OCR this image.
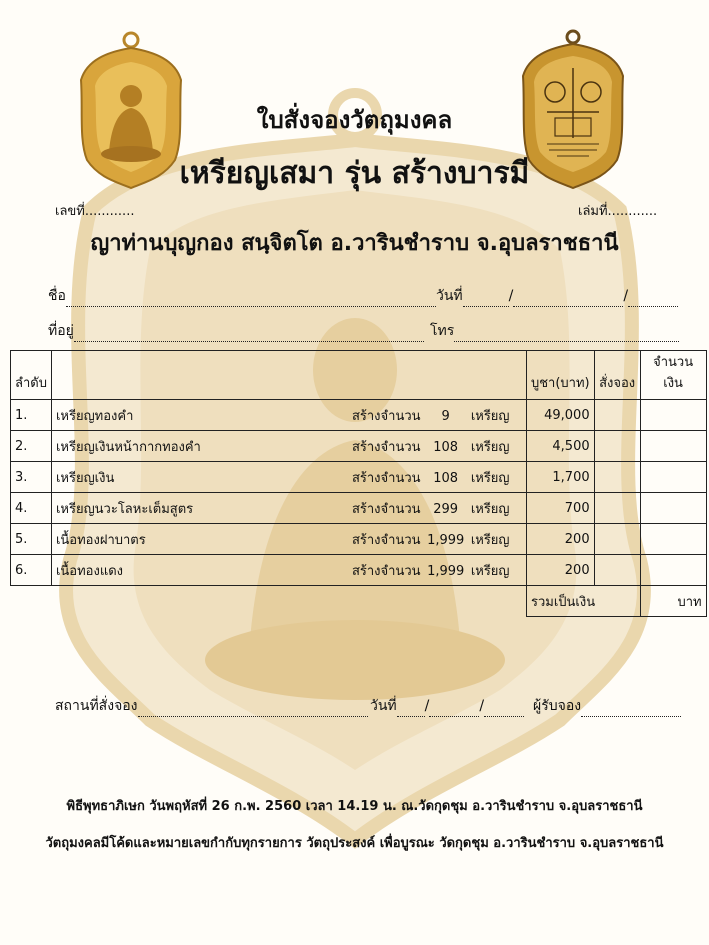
ใบสั่งจองวัตถุมงคล
เหรียญเสมา รุ่น สร้างบารมี
เลขที่............	เล่มที่............
ญาท่านบุญกอง สนฺจิตโต อ.วารินชำราบ จ.อุบลราชธานี
ชื่อ	วันที่	/	/
ที่อยู่	โทร
ลำดับ		บูชา(บาท)	สั่งจอง	จำนวนเงิน
1.	เหรียญทองคำ สร้างจำนวน 9 เหรียญ	49,000		
2.	เหรียญเงินหน้ากากทองคำ สร้างจำนวน 108 เหรียญ	4,500		
3.	เหรียญเงิน สร้างจำนวน 108 เหรียญ	1,700		
4.	เหรียญนวะโลหะเต็มสูตร สร้างจำนวน 299 เหรียญ	700		
5.	เนื้อทองฝาบาตร สร้างจำนวน 1,999 เหรียญ	200		
6.	เนื้อทองแดง สร้างจำนวน 1,999 เหรียญ	200		
		รวมเป็นเงิน		บาท
สถานที่สั่งจอง	วันที่ /	/	ผู้รับจอง
พิธีพุทธาภิเษก วันพฤหัสที่ 26 ก.พ. 2560 เวลา 14.19 น. ณ.วัดกุดชุม อ.วารินชำราบ จ.อุบลราชธานี
วัตถุมงคลมีโค้ดและหมายเลขกำกับทุกรายการ วัตถุประสงค์ เพื่อบูรณะ วัดกุดชุม อ.วารินชำราบ จ.อุบลราชธานี
